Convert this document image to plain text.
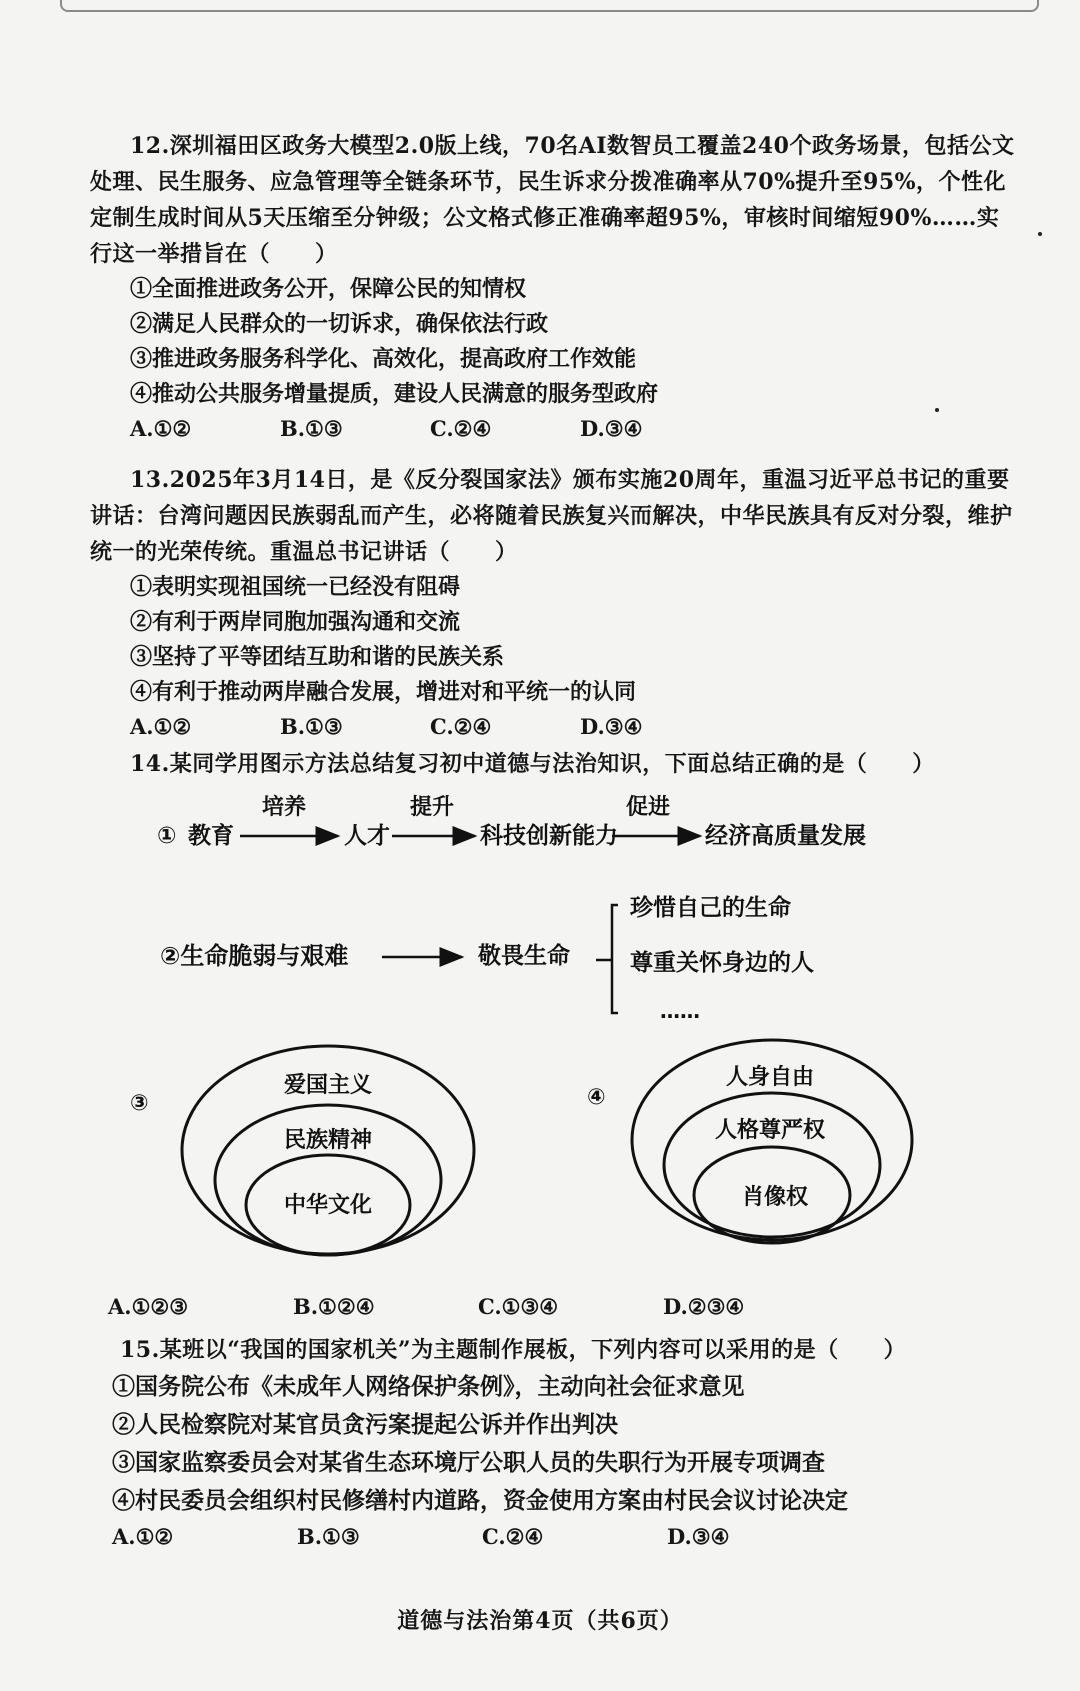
12.深圳福田区政务大模型2.0版上线，70名AI数智员工覆盖240个政务场景，包括公文处理、民生服务、应急管理等全链条环节，民生诉求分拨准确率从70%提升至95%，个性化定制生成时间从5天压缩至分钟级；公文格式修正准确率超95%，审核时间缩短90%……实行这一举措旨在（　　）
①全面推进政务公开，保障公民的知情权
②满足人民群众的一切诉求，确保依法行政
③推进政务服务科学化、高效化，提高政府工作效能
④推动公共服务增量提质，建设人民满意的服务型政府
A.①②	B.①③	C.②④	D.③④
13.2025年3月14日，是《反分裂国家法》颁布实施20周年，重温习近平总书记的重要讲话：台湾问题因民族弱乱而产生，必将随着民族复兴而解决，中华民族具有反对分裂，维护统一的光荣传统。重温总书记讲话（　　）
①表明实现祖国统一已经没有阻碍
②有利于两岸同胞加强沟通和交流
③坚持了平等团结互助和谐的民族关系
④有利于推动两岸融合发展，增进对和平统一的认同
A.①②	B.①③	C.②④	D.③④
14.某同学用图示方法总结复习初中道德与法治知识，下面总结正确的是（　　）
① 教育
培养
人才
提升
科技创新能力
促进
经济高质量发展
②生命脆弱与艰难	敬畏生命
珍惜自己的生命
尊重关怀身边的人
……
③
爱国主义
民族精神
中华文化
④
人身自由
人格尊严权
肖像权
A.①②③	B.①②④	C.①③④	D.②③④
15.某班以“我国的国家机关”为主题制作展板，下列内容可以采用的是（　　）
①国务院公布《未成年人网络保护条例》，主动向社会征求意见
②人民检察院对某官员贪污案提起公诉并作出判决
③国家监察委员会对某省生态环境厅公职人员的失职行为开展专项调查
④村民委员会组织村民修缮村内道路，资金使用方案由村民会议讨论决定
A.①②	B.①③	C.②④	D.③④
道德与法治第4页（共6页）
